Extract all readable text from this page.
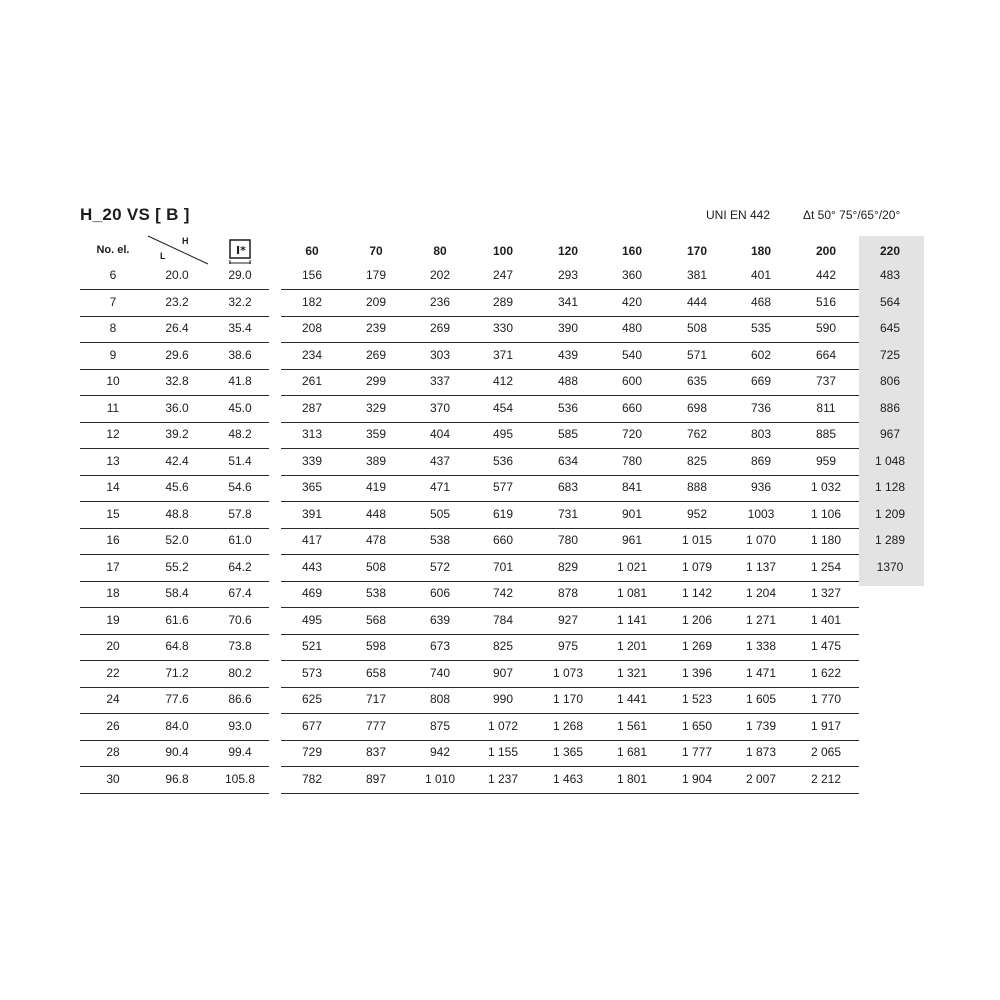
H_20 VS [ B ]	UNI EN 442	Δt 50° 75°/65°/20°
No. el.
H
L	I*	60	70	80	100	120	160	170	180	200	220
6	20.0	29.0	156	179	202	247	293	360	381	401	442	483
7	23.2	32.2	182	209	236	289	341	420	444	468	516	564
8	26.4	35.4	208	239	269	330	390	480	508	535	590	645
9	29.6	38.6	234	269	303	371	439	540	571	602	664	725
10	32.8	41.8	261	299	337	412	488	600	635	669	737	806
11	36.0	45.0	287	329	370	454	536	660	698	736	811	886
12	39.2	48.2	313	359	404	495	585	720	762	803	885	967
13	42.4	51.4	339	389	437	536	634	780	825	869	959	1 048
14	45.6	54.6	365	419	471	577	683	841	888	936	1 032	1 128
15	48.8	57.8	391	448	505	619	731	901	952	1003	1 106	1 209
16	52.0	61.0	417	478	538	660	780	961	1 015	1 070	1 180	1 289
17	55.2	64.2	443	508	572	701	829	1 021	1 079	1 137	1 254	1370
18	58.4	67.4	469	538	606	742	878	1 081	1 142	1 204	1 327
19	61.6	70.6	495	568	639	784	927	1 141	1 206	1 271	1 401
20	64.8	73.8	521	598	673	825	975	1 201	1 269	1 338	1 475
22	71.2	80.2	573	658	740	907	1 073	1 321	1 396	1 471	1 622
24	77.6	86.6	625	717	808	990	1 170	1 441	1 523	1 605	1 770
26	84.0	93.0	677	777	875	1 072	1 268	1 561	1 650	1 739	1 917
28	90.4	99.4	729	837	942	1 155	1 365	1 681	1 777	1 873	2 065
30	96.8	105.8	782	897	1 010	1 237	1 463	1 801	1 904	2 007	2 212
